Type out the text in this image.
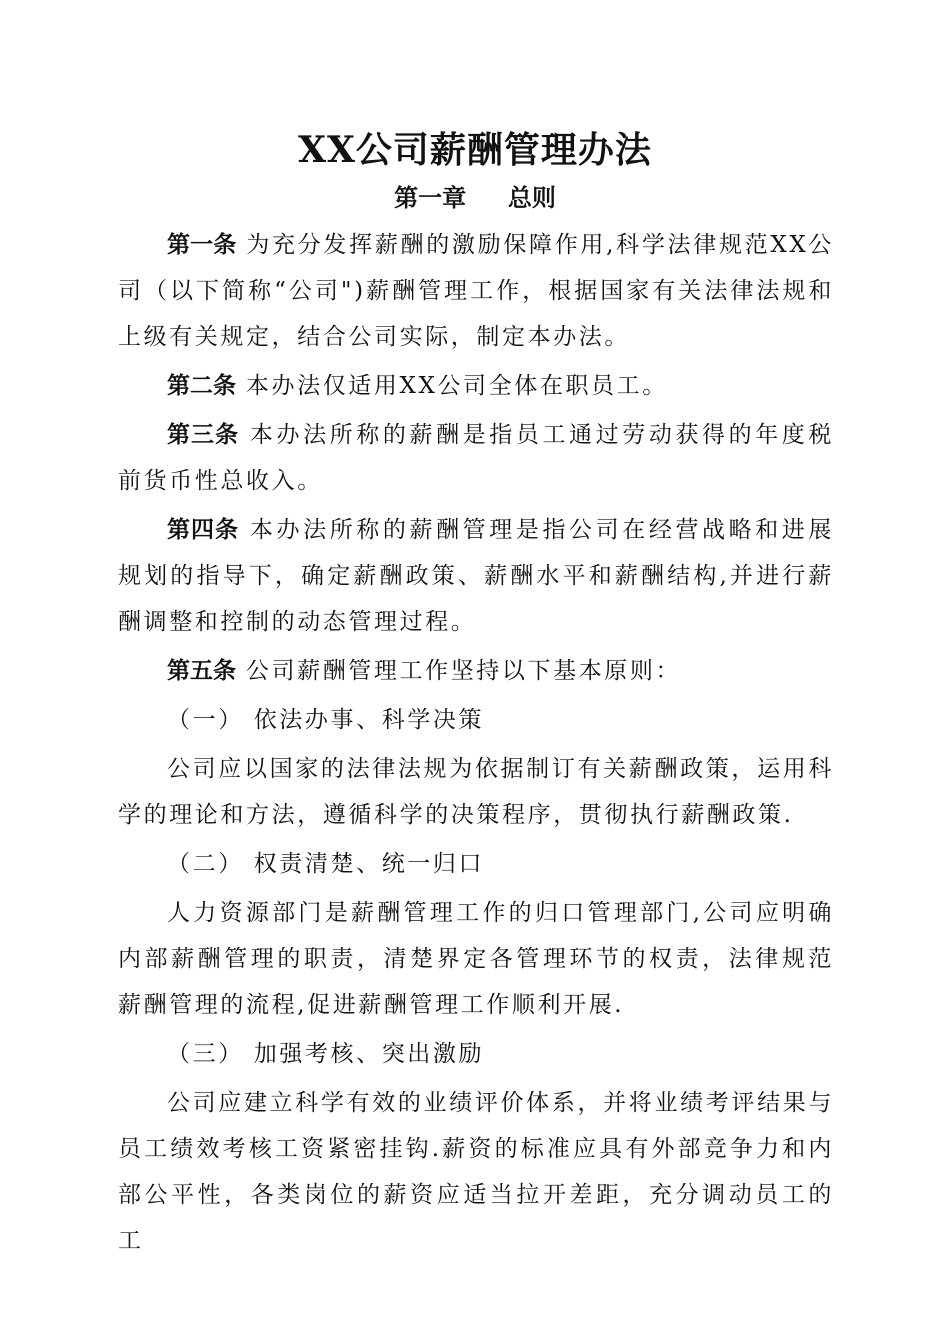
XX公司薪酬管理办法
第一章     总则

第一条 为充分发挥薪酬的激励保障作用,科学法律规范XX公司（以下简称“公司")薪酬管理工作，根据国家有关法律法规和上级有关规定，结合公司实际，制定本办法。

第二条 本办法仅适用XX公司全体在职员工。

第三条 本办法所称的薪酬是指员工通过劳动获得的年度税前货币性总收入。

第四条 本办法所称的薪酬管理是指公司在经营战略和进展规划的指导下，确定薪酬政策、薪酬水平和薪酬结构,并进行薪酬调整和控制的动态管理过程。

第五条 公司薪酬管理工作坚持以下基本原则：

（一） 依法办事、科学决策

公司应以国家的法律法规为依据制订有关薪酬政策，运用科学的理论和方法，遵循科学的决策程序，贯彻执行薪酬政策.

（二） 权责清楚、统一归口

人力资源部门是薪酬管理工作的归口管理部门,公司应明确内部薪酬管理的职责，清楚界定各管理环节的权责，法律规范薪酬管理的流程,促进薪酬管理工作顺利开展.

（三） 加强考核、突出激励

公司应建立科学有效的业绩评价体系，并将业绩考评结果与员工绩效考核工资紧密挂钩.薪资的标准应具有外部竞争力和内部公平性，各类岗位的薪资应适当拉开差距，充分调动员工的工
